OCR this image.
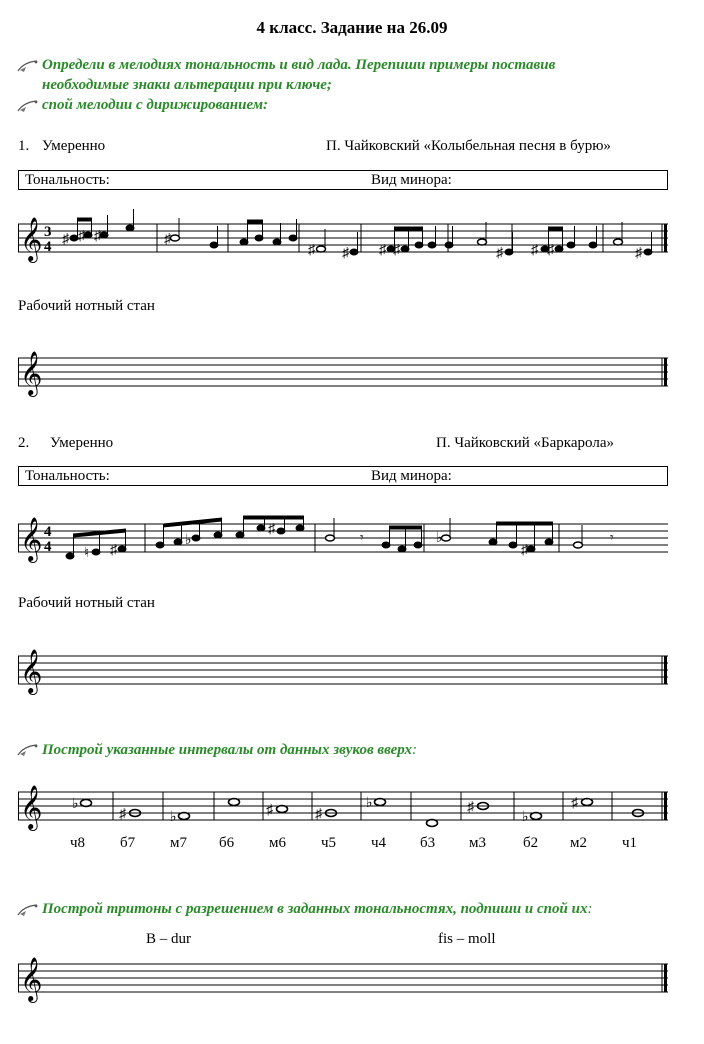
4 класс. Задание на 26.09
Определи в мелодиях тональность и вид лада. Перепиши примеры поставив
необходимые знаки альтерации при ключе;
спой мелодии с дирижированием:
1. Умеренно	П. Чайковский «Колыбельная песня в бурю»
Тональность:	Вид минора:
𝄞 3
4 ♯ ♯ ♯	♯
♯ ♯ ♯ ♯	♯ ♯ ♯	♯
Рабочий нотный стан
𝄞
2. Умеренно	П. Чайковский «Баркарола»
Тональность:	Вид минора:
𝄞 4
4 ♮ ♯
♭
♯
♭
♯
𝄾	𝄾
Рабочий нотный стан
𝄞
Построй указанные интервалы от данных звуков вверх:
𝄞 ♭
♯	♭	♯	♯
♭	♯
♭
♯
ч8 б7 м7 б6 м6 ч5 ч4 б3 м3 б2 м2 ч1
Построй тритоны с разрешением в заданных тональностях, подпиши и спой их:
B – dur	fis – moll
𝄞
